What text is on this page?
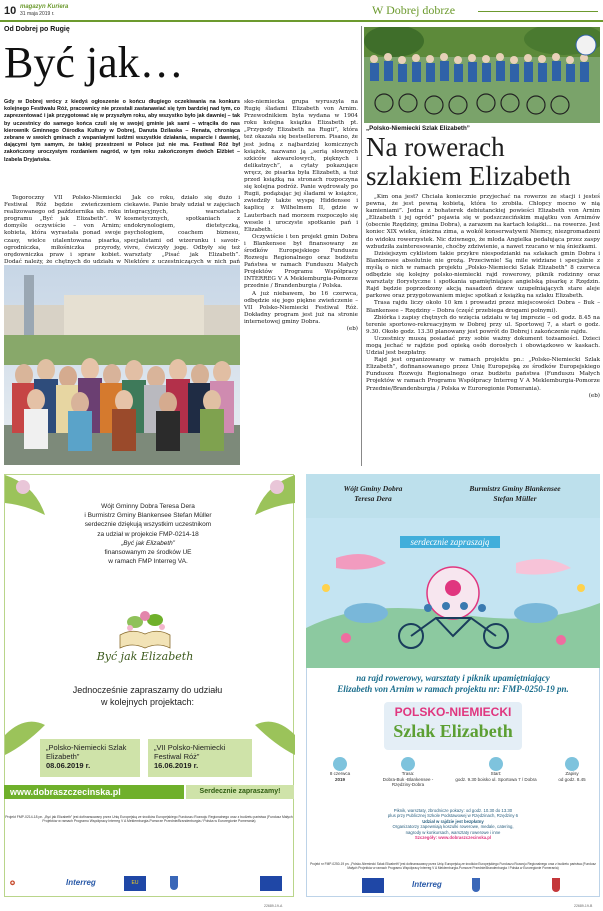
10 magazyn Kuriera
31 maja 2019 r.	W Dobrej dobrze
Od Dobrej po Rugię
Być jak…
Gdy w Dobrej wrócy z kiedyś ogłoszenie o końcu długiego oczekiwania na konkurs kolejnego Festiwalu Róż, pracownicy nie przestali zastanawiać się tym bardziej nad tym, co zaprezentować i jak przygotować się w przyszłym roku, aby wszystko było jak dawniej – tak by uczestnicy do samego końca czuli się w swojej gminie jak sami – wtrąciła do nas kierownik Gminnego Ośrodka Kultury w Dobrej, Danuta Dzilaska – Renata, chroniąca zebrane w swoich gminach z wspaniałymi ludźmi wszystkie działania, wsparcie i dawniej, dającymi tym samym, że takiej przestrzeni w Polsce już nie ma. Festiwal Róż był zakończony uroczystym rozdaniem nagród, w tym roku zakończonym dwóch Elżbiet – Izabela Dryjańska.

Tegoroczny VII Polsko-Niemiecki Festiwal Róż będzie zwieńczeniem realizowanego od października ub. roku programu „Być jak Elizabeth”. W domyśle oczywiście – von Arnim; kobieta, która wyrastała ponad swoje czasy, wielce utalentowana pisarka, ogrodniczka, miłośniczka przyrody, orędowniczka praw i spraw kobiet. Dodać należy, że chętnych do udziału w

Jak co roku, działo się dużo i ciekawie. Panie brały udział w zajęciach integracyjnych, warsztatach kosmetycznych, spotkaniach z endokrynologiem, dietetyczką, psychologiem, coachem biznesu, specjalistami od wizerunku i savoir-vivre, ćwiczyły jogę. Odbyły się też warsztaty „Pisać jak Elizabeth”. Niektóre z uczestniczących w nich pań

sko-niemiecka grupa wyruszyła na Rugię śladami Elizabeth von Arnim. Przewodnikiem była wydana w 1904 roku kolejna książka Elizabeth pt. „Przygody Elizabeth na Rugii”, która też okazała się bestsellerem. Pisano, że jest jedną z najbardziej komicznych książek, nazwano ją „serią słownych szkiców akwarelowych, pięknych i delikatnych”, a cytaty pokazujące wręcz, że pisarka była Elizabeth, a tuż przed książką na stronach rozpoczyna się kolejna podróż. Panie wędrowały po Rugii, podążając jej śladami w książce, zwiedziły także wyspę Hiddensee i kaplicę z Wilhelmem II, gdzie w Lauterbach nad morzem rozpoczęło się wesele i uroczyste spotkanie pań i Elizabeth.

Oczywiście i ten projekt gmin Dobra i Blankensee był finansowany ze środków Europejskiego Funduszu Rozwoju Regionalnego oraz budżetu Państwa w ramach Funduszu Małych Projektów Programu Współpracy INTERREG V A Meklemburgia-Pomorze przednie / Brandenburgia / Polska.

A już niebawem, bo 16 czerwca, odbędzie się jego piękne zwieńczenie – VII Polsko-Niemiecki Festiwal Róż. Dokładny program jest już na stronie internetowej gminy Dobra.

(eb)

„Polsko-Niemiecki Szlak Elizabeth”
Na rowerach szlakiem Elizabeth

„Kim ona jest? Chciała koniecznie przyjechać na rowerze ze stacji i jesteś pewna, że jest pewną kobietą, która to zrobiła. Chłopcy mocno w nią kamieniami”. Jedna z bohaterek debiutanckiej powieści Elizabeth von Arnim „Elizabeth i jej ogród” pojawia się w podszczecińskim majątku von Arnimów (obecnie Rzędziny, gmina Dobra), a zarazem na kartach książki… na rowerze. Jest koniec XIX wieku, śnieżna zima, a wokół konserwatywni Niemcy, niezgromadzeni do widoku rowerzystek. Nic dziwnego, że młoda Angielka pedałująca przez zaspy wzbudziła zainteresowanie, choćby zdziwienie, a nawet rzucano w nią śnieżkami.

Dzisiejszym cyklistom takie przykre niespodzianki na szlakach gmin Dobra i Blankensee absolutnie nie grożą. Przeciwnie! Są mile widziane i specjalnie z myślą o nich w ramach projektu „Polsko-Niemiecki Szlak Elizabeth” 8 czerwca odbędzie się kolejny polsko-niemiecki rajd rowerowy, piknik rodzinny oraz warsztaty florystyczne i spotkania upamiętniające angielską pisarkę z Rzędzin. Rajd będzie poprzedzony akcją nasadzeń drzew uzupełniających stare aleje parkowe oraz przygotowaniem miejsc spotkań z książką na szlaku Elizabeth.

Trasa rajdu liczy około 10 km i prowadzi przez miejscowości Dobra – Buk – Blankensee – Rzędziny – Dobra (część przebiega drogami polnymi).

Zbiórka i zapisy chętnych do wzięcia udziału w tej imprezie – od godz. 8.45 na terenie sportowo-rekreacyjnym w Dobrej przy ul. Sportowej 7, a start o godz. 9.30. Około godz. 13.30 planowany jest powrót do Dobrej i zakończenie rajdu.

Uczestnicy muszą posiadać przy sobie ważny dokument tożsamości. Dzieci mogą jechać w rajdzie pod opieką osób dorosłych i obowiązkowo w kaskach. Udział jest bezpłatny.

Rajd jest organizowany w ramach projektu pn.: „Polsko-Niemiecki Szlak Elizabeth”, dofinansowanego przez Unię Europejską ze środków Europejskiego Funduszu Rozwoju Regionalnego oraz budżetu państwa (Funduszu Małych Projektów w ramach Programu Współpracy Interreg V A Meklemburgia-Pomorze Przednie/Brandenburgia / Polska w Euroregionie Pomerania).

(eb)

Wójt Gminny Dobra Teresa Dera
i Burmistrz Gminy Blankensee Stefan Müller
serdecznie dziękują wszystkim uczestnikom
za udział w projekcie FMP-0214-18
„Być jak Elizabeth”
finansowanym ze środków UE
w ramach FMP Interreg VA.
Być jak Elizabeth
Jednocześnie zapraszamy do udziału
w kolejnych projektach:
„Polsko-Niemiecki Szlak Elizabeth”
08.06.2019 r.
„VII Polsko-Niemiecki Festiwal Róż”
16.06.2019 r.
www.dobraszczecinska.pl	Serdecznie zapraszamy!
Projekt FMP-0214-18 pn. „Być jak Elizabeth” jest dofinansowany przez Unię Europejską ze środków Europejskiego Funduszu Rozwoju Regionalnego oraz z budżetu państwa (Fundusz Małych Projektów w ramach Programu Współpracy Interreg V A Meklemburgia-Pomorze Przednie/Brandenburgia / Polska w Euroregionie Pomerania)
✪	Interreg	EU
22689-19-A
Wójt Gminy Dobra
Teresa Dera
Burmistrz Gminy Blankensee
Stefan Müller
serdecznie zapraszają
na rajd rowerowy, warsztaty i piknik upamiętniający
Elizabeth von Arnim w ramach projektu nr: FMP-0250-19 pn.
POLSKO-NIEMIECKI
Szlak Elizabeth
8 czerwca
2019
Trasa:
Dobra-Buk -Blankensee -Rzędziny-Dobra
Start:
godz. 9.30 boisko ul. Sportowa 7 / Dobra
Zapisy
od godz. 8.45
Piknik, warsztaty, zbrodnicze pokazy: od godz. 10.30 do 13.30
plus przy Publicznej Szkole Podstawowej w Rzędzinach, Rzędziny 6
Udział w rajdzie jest bezpłatny
Organizatorzy zapewniają koszulki rowerowe, medale, catering,
nagrody w konkursach, warsztaty rowerowe i inne
Szczegóły: www.dobraszczecinska.pl
Projekt nr FMP-0250-19 pn. „Polsko-Niemiecki Szlak Elizabeth” jest dofinansowany przez Unię Europejską ze środków Europejskiego Funduszu Rozwoju Regionalnego oraz z budżetu państwa (Fundusz Małych Projektów w ramach Programu Współpracy Interreg V A Meklemburgia-Pomorze Przednie/Brandenburgia / Polska w Euroregionie Pomerania)
Interreg
22689-19-B
